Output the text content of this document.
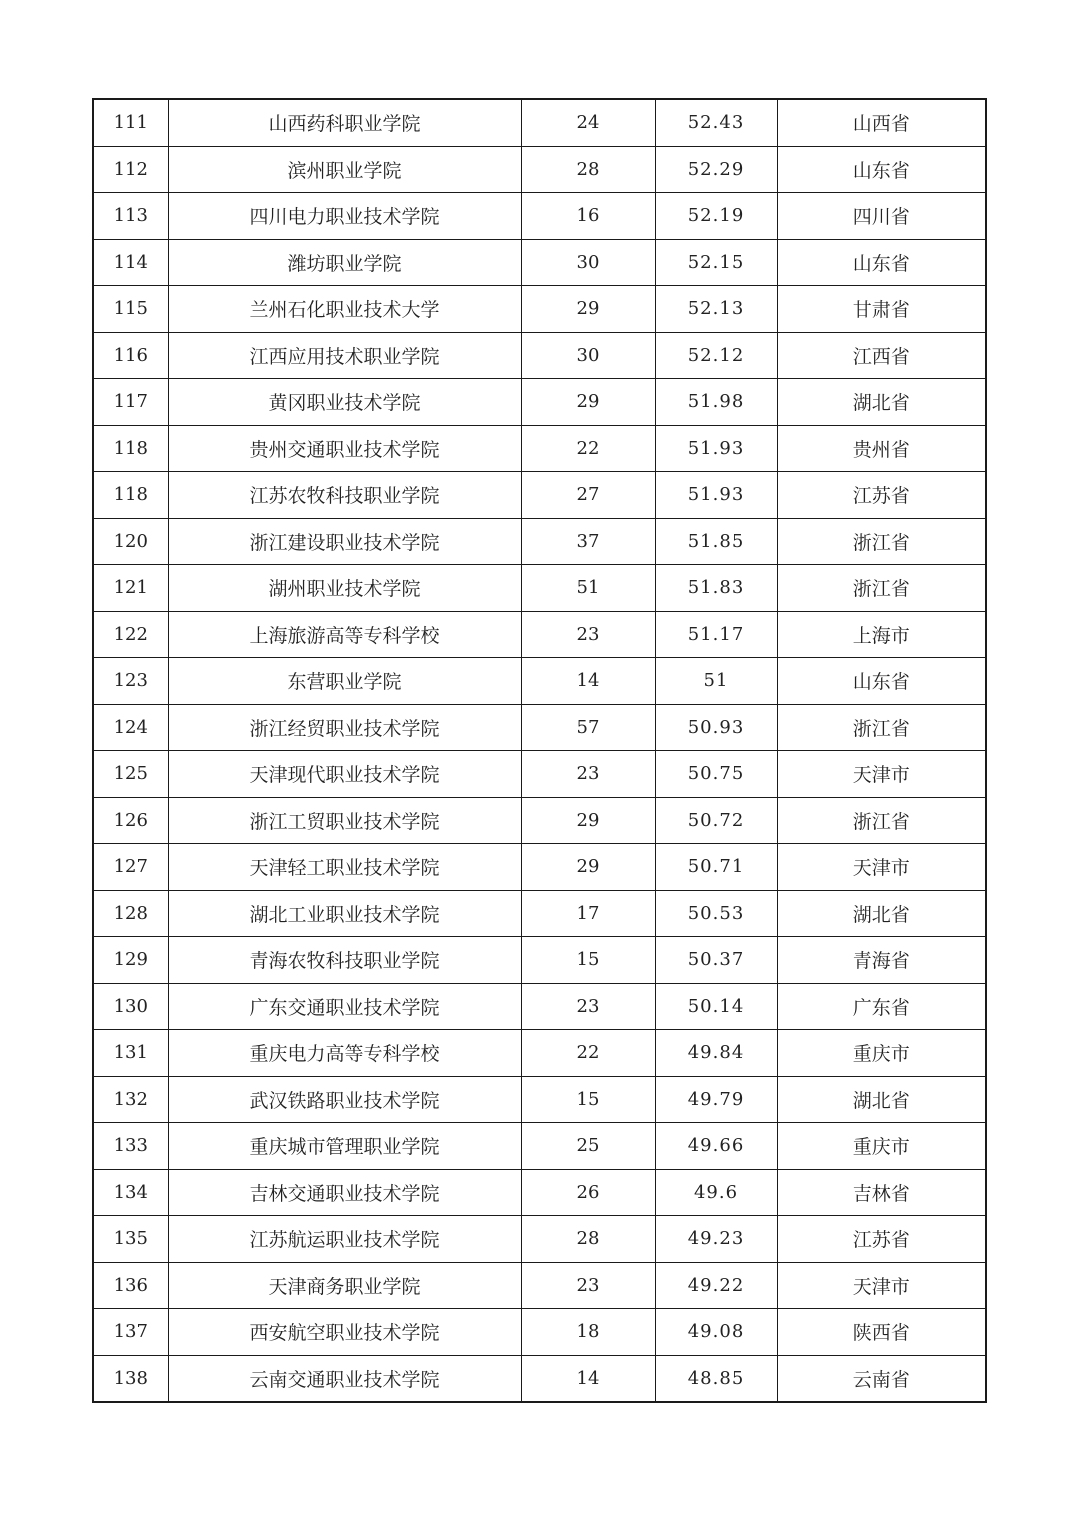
111	山西药科职业学院	24	52.43	山西省
112	滨州职业学院	28	52.29	山东省
113	四川电力职业技术学院	16	52.19	四川省
114	潍坊职业学院	30	52.15	山东省
115	兰州石化职业技术大学	29	52.13	甘肃省
116	江西应用技术职业学院	30	52.12	江西省
117	黄冈职业技术学院	29	51.98	湖北省
118	贵州交通职业技术学院	22	51.93	贵州省
118	江苏农牧科技职业学院	27	51.93	江苏省
120	浙江建设职业技术学院	37	51.85	浙江省
121	湖州职业技术学院	51	51.83	浙江省
122	上海旅游高等专科学校	23	51.17	上海市
123	东营职业学院	14	51	山东省
124	浙江经贸职业技术学院	57	50.93	浙江省
125	天津现代职业技术学院	23	50.75	天津市
126	浙江工贸职业技术学院	29	50.72	浙江省
127	天津轻工职业技术学院	29	50.71	天津市
128	湖北工业职业技术学院	17	50.53	湖北省
129	青海农牧科技职业学院	15	50.37	青海省
130	广东交通职业技术学院	23	50.14	广东省
131	重庆电力高等专科学校	22	49.84	重庆市
132	武汉铁路职业技术学院	15	49.79	湖北省
133	重庆城市管理职业学院	25	49.66	重庆市
134	吉林交通职业技术学院	26	49.6	吉林省
135	江苏航运职业技术学院	28	49.23	江苏省
136	天津商务职业学院	23	49.22	天津市
137	西安航空职业技术学院	18	49.08	陕西省
138	云南交通职业技术学院	14	48.85	云南省
